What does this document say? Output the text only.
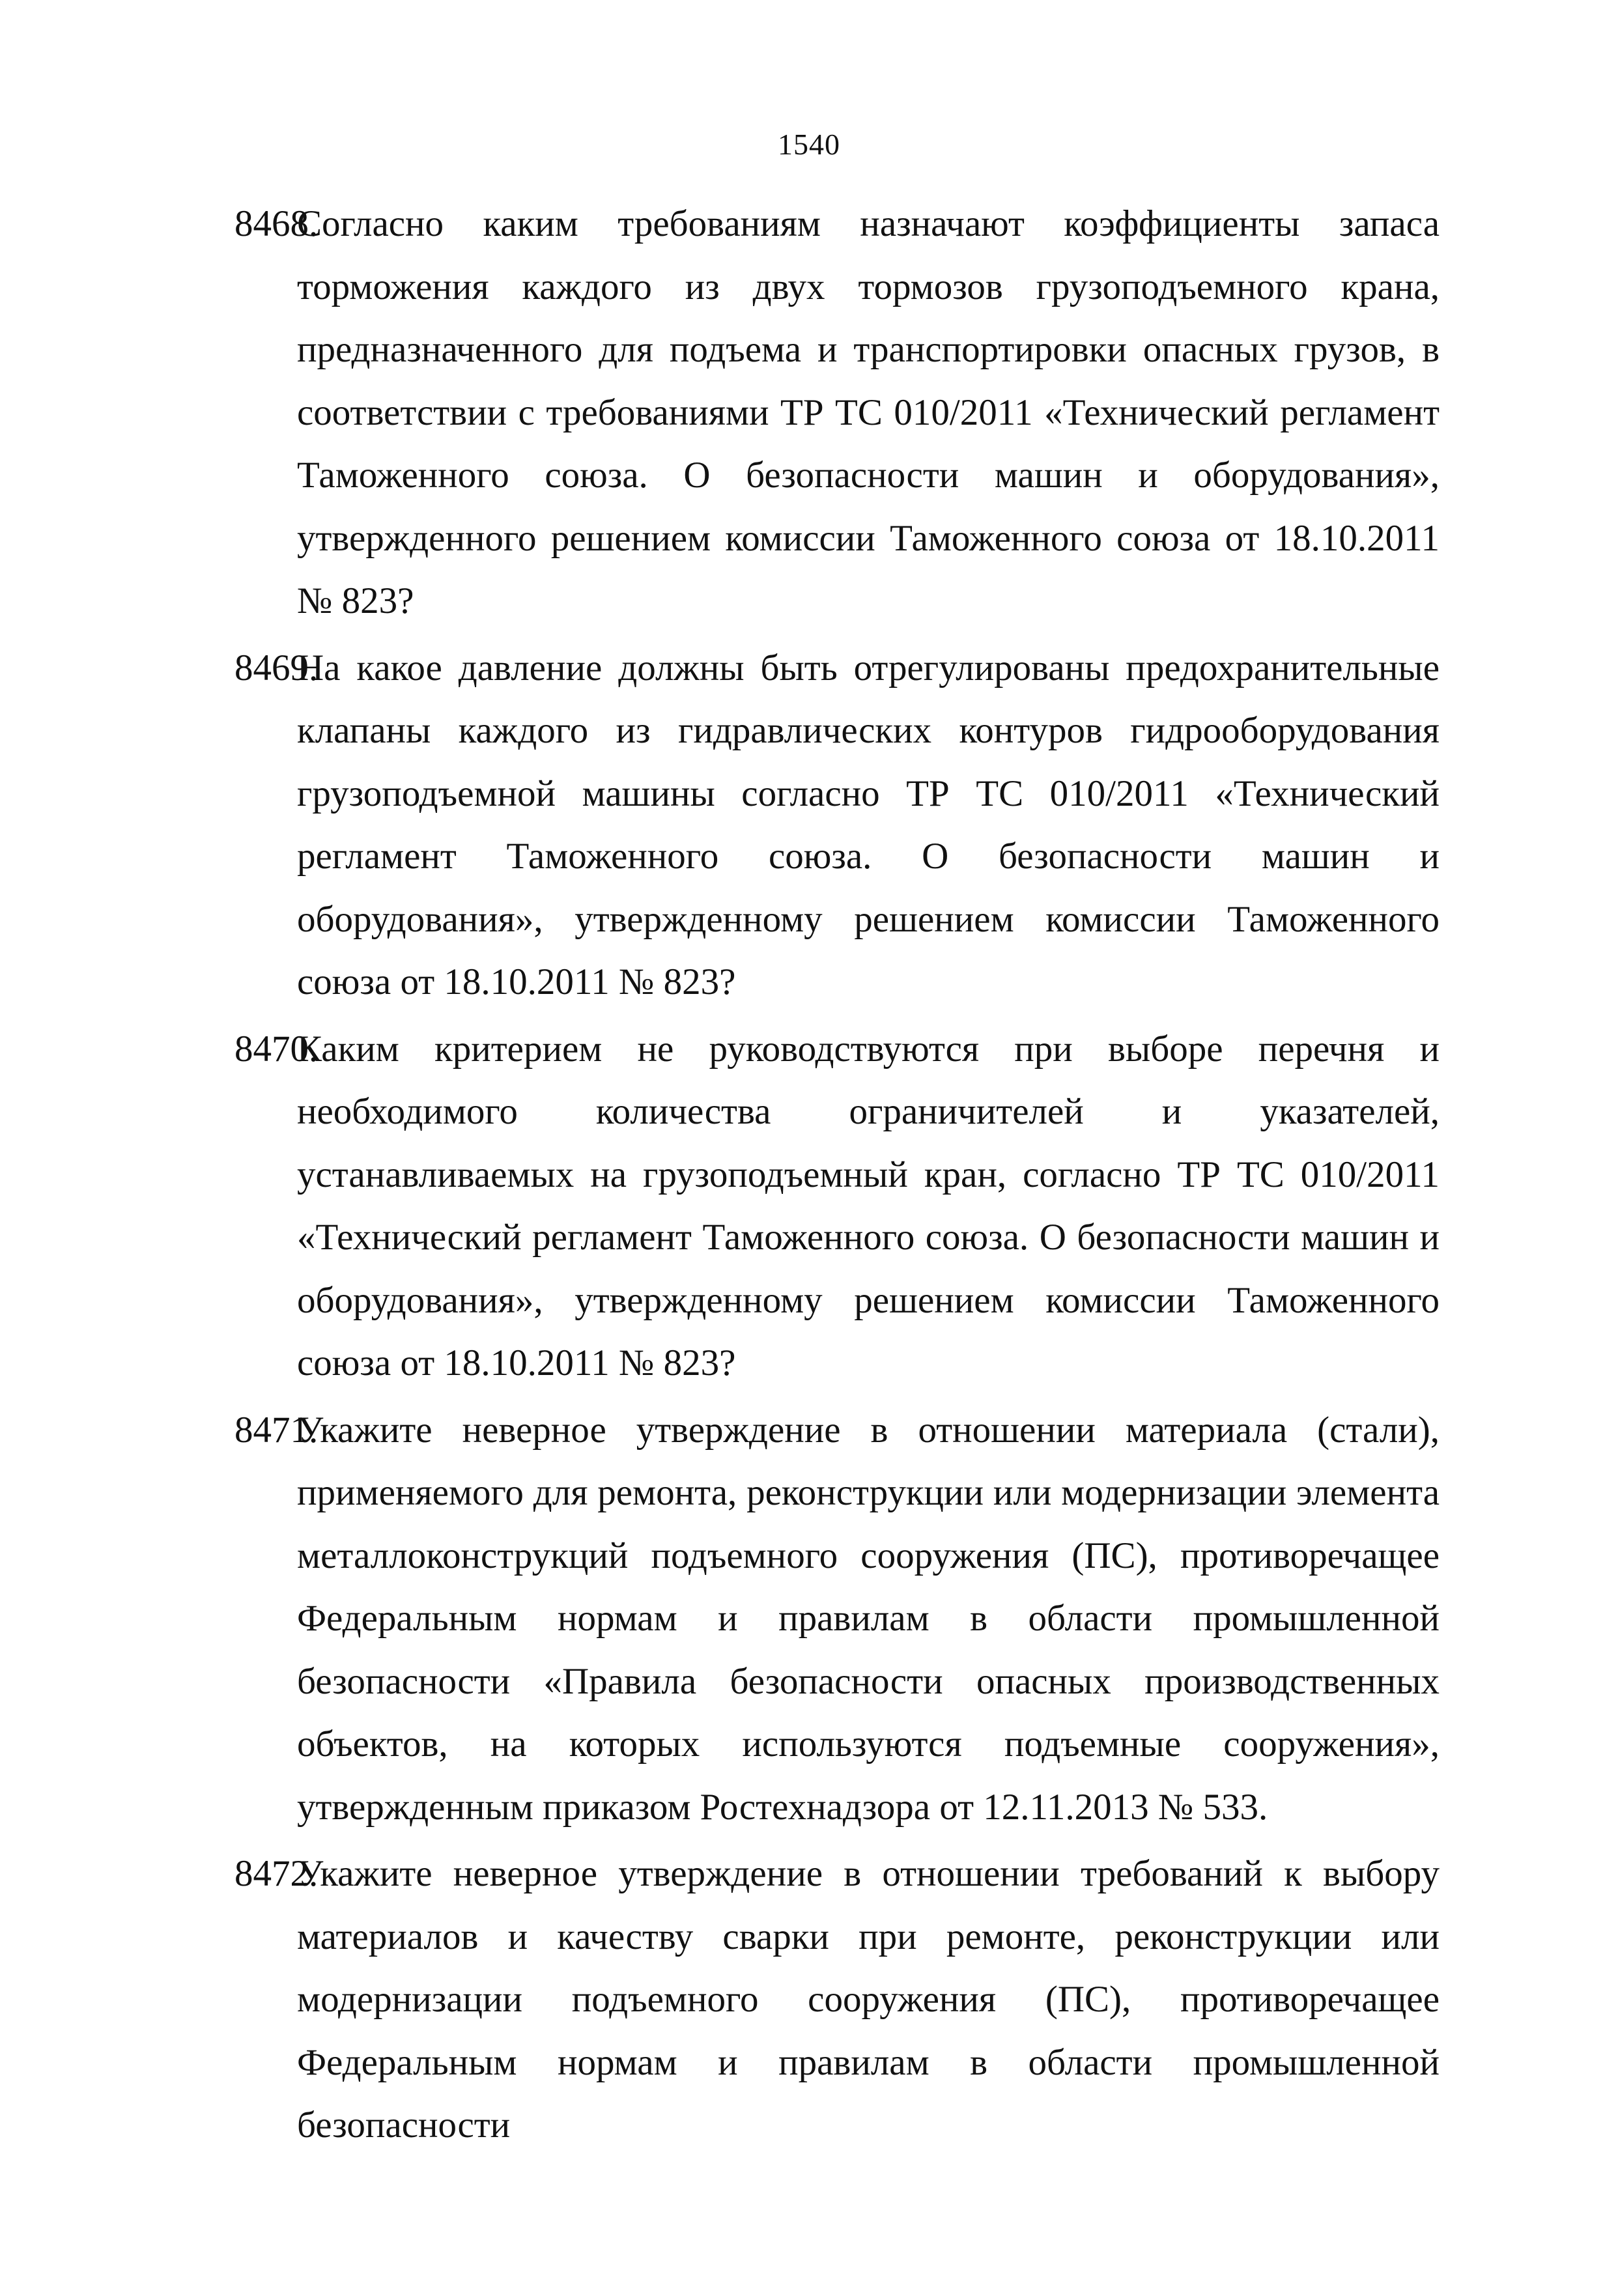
1540
8468.
Согласно каким требованиям назначают коэффициенты запаса торможения каждого из двух тормозов грузоподъемного крана, предназначенного для подъема и транспортировки опасных грузов, в соответствии с требованиями ТР ТС 010/2011 «Технический регламент Таможенного союза. О безопасности машин и оборудования», утвержденного решением комиссии Таможенного союза от 18.10.2011 № 823?
8469.
На какое давление должны быть отрегулированы предохранительные клапаны каждого из гидравлических контуров гидрооборудования грузоподъемной машины согласно ТР ТС 010/2011 «Технический регламент Таможенного союза. О безопасности машин и оборудования», утвержденному решением комиссии Таможенного союза от 18.10.2011 № 823?
8470.
Каким критерием не руководствуются при выборе перечня и необходимого количества ограничителей и указателей, устанавливаемых на грузоподъемный кран, согласно ТР ТС 010/2011 «Технический регламент Таможенного союза. О безопасности машин и оборудования», утвержденному решением комиссии Таможенного союза от 18.10.2011 № 823?
8471.
Укажите неверное утверждение в отношении материала (стали), применяемого для ремонта, реконструкции или модернизации элемента металлоконструкций подъемного сооружения (ПС), противоречащее Федеральным нормам и правилам в области промышленной безопасности «Правила безопасности опасных производственных объектов, на которых используются подъемные сооружения», утвержденным приказом Ростехнадзора от 12.11.2013 № 533.
8472.
Укажите неверное утверждение в отношении требований к выбору материалов и качеству сварки при ремонте, реконструкции или модернизации подъемного сооружения (ПС), противоречащее Федеральным нормам и правилам в области промышленной безопасности
